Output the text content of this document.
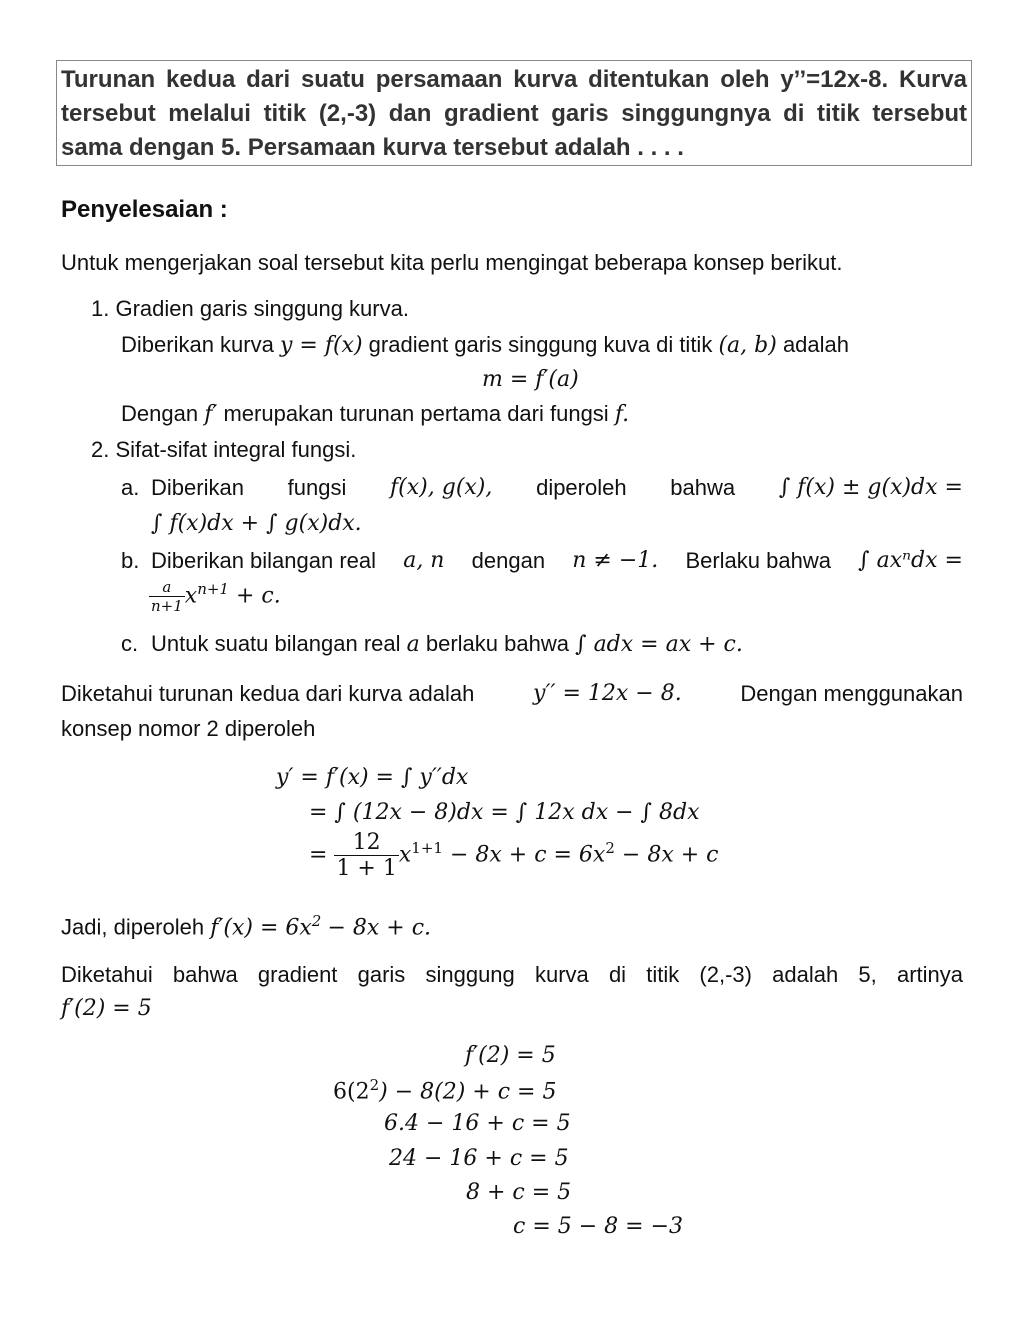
Turunan kedua dari suatu persamaan kurva ditentukan oleh y’’=12x-8. Kurva tersebut melalui titik (2,-3) dan gradient garis singgungnya di titik tersebut sama dengan 5. Persamaan kurva tersebut adalah . . . .
Penyelesaian :
Untuk mengerjakan soal tersebut kita perlu mengingat beberapa konsep berikut.
1. Gradien garis singgung kurva.
Diberikan kurva y = f(x) gradient garis singgung kuva di titik (a, b) adalah
m = f′(a)
Dengan f′ merupakan turunan pertama dari fungsi f.
2. Sifat-sifat integral fungsi.
a. Diberikan fungsi f(x), g(x), diperoleh bahwa ∫ f(x) ± g(x)dx =
∫ f(x)dx + ∫ g(x)dx.
b. Diberikan bilangan real a, n dengan n ≠ −1. Berlaku bahwa ∫ axⁿdx =
$\frac{a}{n+1} x^{n+1} + c$.
c. Untuk suatu bilangan real a berlaku bahwa ∫ adx = ax + c.
Diketahui turunan kedua dari kurva adalah	y′′ = 12x − 8.	Dengan menggunakan
konsep nomor 2 diperoleh
y′ = f′(x) = ∫ y′′dx
= ∫ (12x − 8)dx = ∫ 12x dx − ∫ 8dx
= $\frac{12}{1 + 1} x^{1+1} - 8x + c = 6x^2 - 8x + c$
Jadi, diperoleh $f'(x) = 6x^2 - 8x + c$.
Diketahui bahwa gradient garis singgung kurva di titik (2,-3) adalah 5, artinya
f′(2) = 5
f′(2) = 5
$6(2^2) - 8(2) + c = 5$
6.4 − 16 + c = 5
24 − 16 + c = 5
8 + c = 5
c = 5 − 8 = −3
